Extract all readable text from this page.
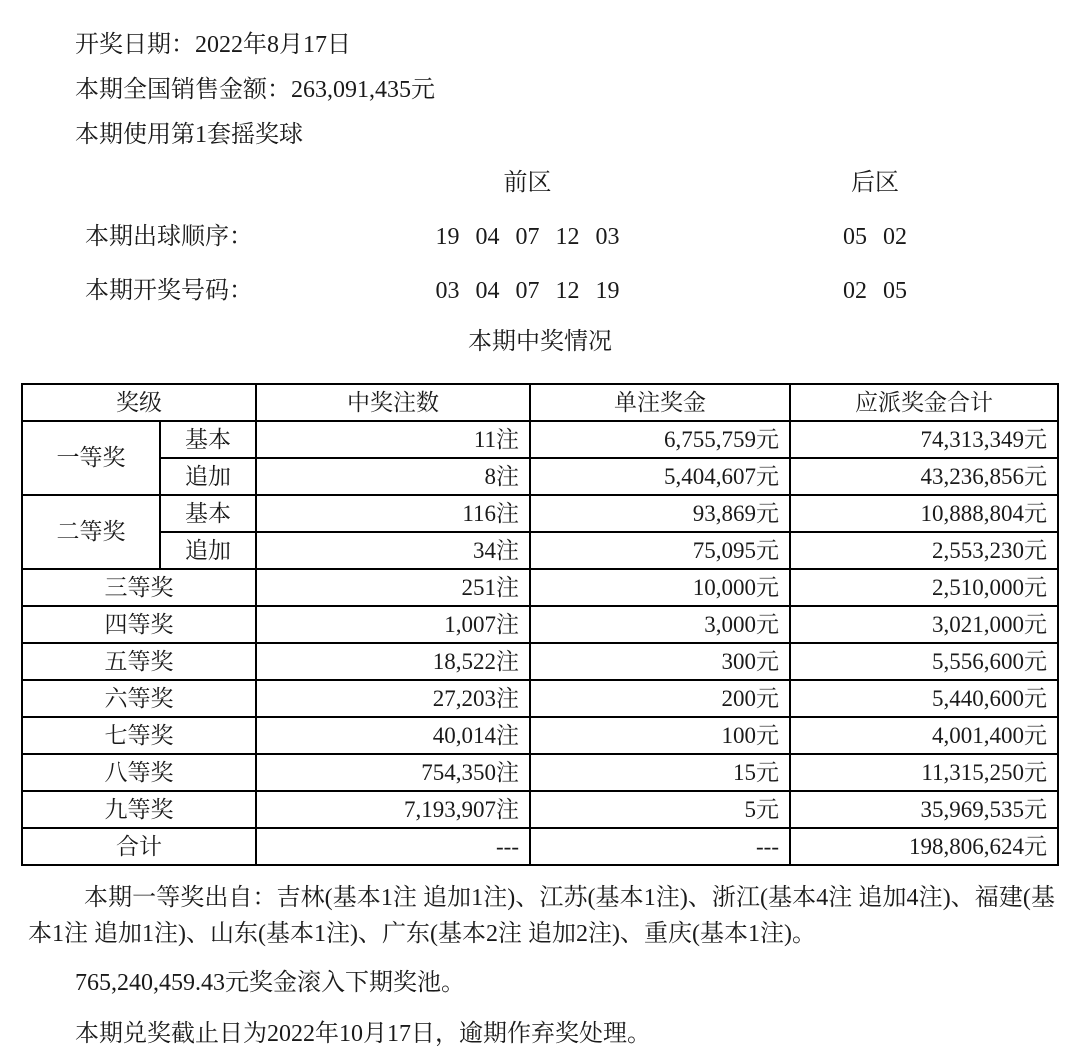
开奖日期：2022年8月17日

本期全国销售金额：263,091,435元

本期使用第1套摇奖球

前区	后区
本期出球顺序：	19 04 07 12 03	05 02
本期开奖号码：	03 04 07 12 19	02 05

本期中奖情况

奖级		中奖注数	单注奖金	应派奖金合计
一等奖	基本	11注	6,755,759元	74,313,349元
	追加	8注	5,404,607元	43,236,856元
二等奖	基本	116注	93,869元	10,888,804元
	追加	34注	75,095元	2,553,230元
三等奖		251注	10,000元	2,510,000元
四等奖		1,007注	3,000元	3,021,000元
五等奖		18,522注	300元	5,556,600元
六等奖		27,203注	200元	5,440,600元
七等奖		40,014注	100元	4,001,400元
八等奖		754,350注	15元	11,315,250元
九等奖		7,193,907注	5元	35,969,535元
合计		---	---	198,806,624元

本期一等奖出自：吉林(基本1注 追加1注)、江苏(基本1注)、浙江(基本4注 追加4注)、福建(基本1注 追加1注)、山东(基本1注)、广东(基本2注 追加2注)、重庆(基本1注)。

765,240,459.43元奖金滚入下期奖池。

本期兑奖截止日为2022年10月17日，逾期作弃奖处理。
